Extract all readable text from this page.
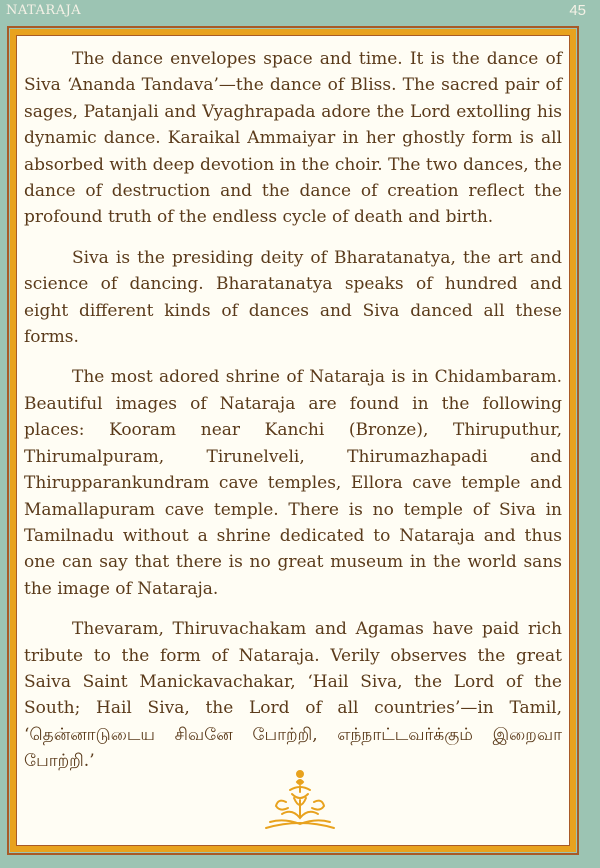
NATARAJA	45

The dance envelopes space and time. It is the dance of Siva ‘Ananda Tandava’—the dance of Bliss. The sacred pair of sages, Patanjali and Vyaghrapada adore the Lord extolling his dynamic dance. Karaikal Ammaiyar in her ghostly form is all absorbed with deep devotion in the choir. The two dances, the dance of destruction and the dance of creation reflect the profound truth of the endless cycle of death and birth.

Siva is the presiding deity of Bharatanatya, the art and science of dancing. Bharatanatya speaks of hundred and eight different kinds of dances and Siva danced all these forms.

The most adored shrine of Nataraja is in Chidambaram. Beautiful images of Nataraja are found in the following places: Kooram near Kanchi (Bronze), Thiruputhur, Thirumalpuram, Tirunelveli, Thirumazhapadi and Thirupparankundram cave temples, Ellora cave temple and Mamallapuram cave temple. There is no temple of Siva in Tamilnadu without a shrine dedicated to Nataraja and thus one can say that there is no great museum in the world sans the image of Nataraja.

Thevaram, Thiruvachakam and Agamas have paid rich tribute to the form of Nataraja. Verily observes the great Saiva Saint Manickavachakar, ‘Hail Siva, the Lord of the South; Hail Siva, the Lord of all countries’—in Tamil, ‘தென்னாடுடைய சிவனே போற்றி, எந்நாட்டவர்க்கும் இறைவா போற்றி.’
